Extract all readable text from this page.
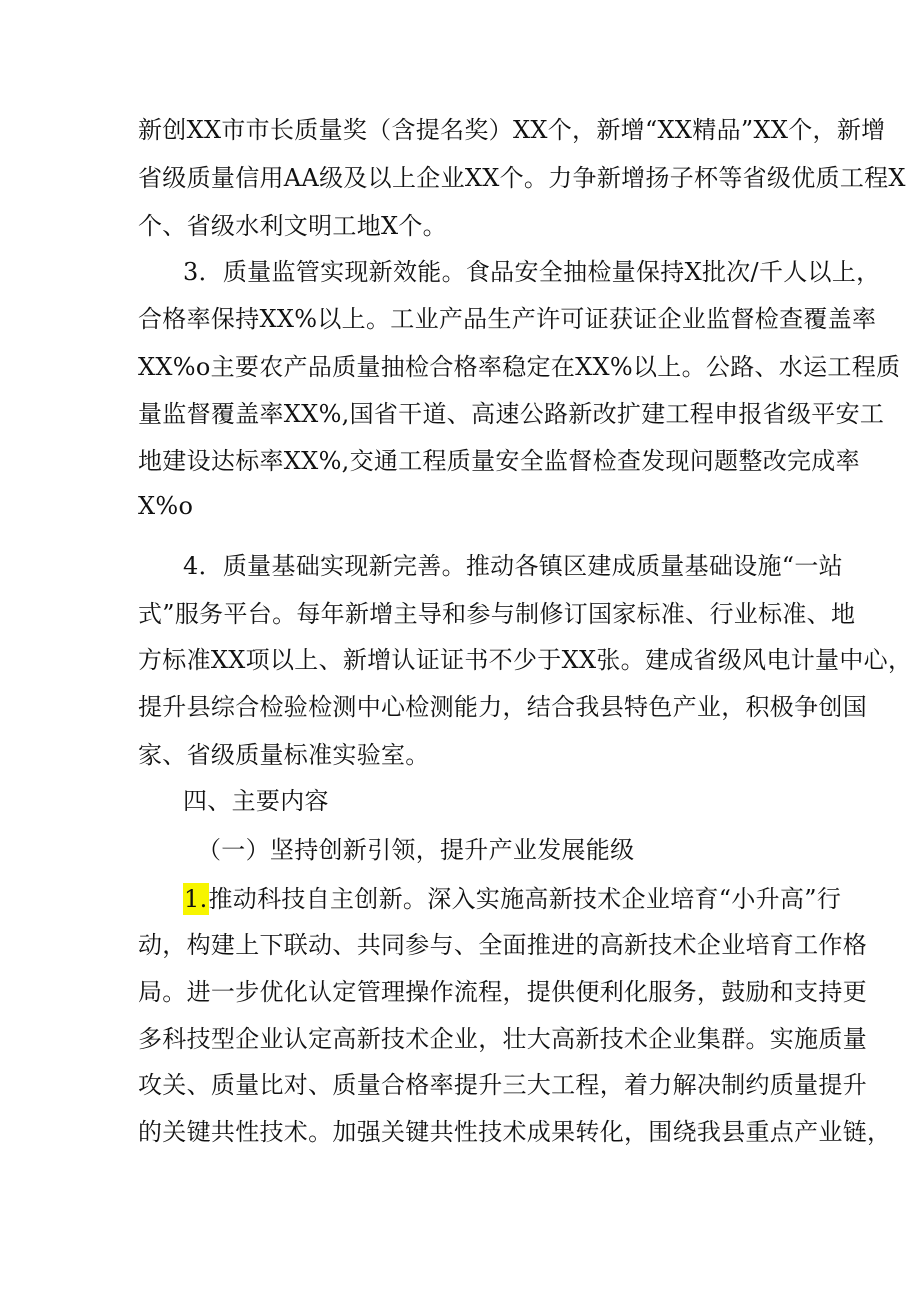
新创XX市市长质量奖（含提名奖）XX个，新增“XX精品”XX个，新增
省级质量信用AA级及以上企业XX个。力争新增扬子杯等省级优质工程X
个、省级水利文明工地X个。
3．质量监管实现新效能。食品安全抽检量保持X批次/千人以上，
合格率保持XX%以上。工业产品生产许可证获证企业监督检查覆盖率
XX%o主要农产品质量抽检合格率稳定在XX%以上。公路、水运工程质
量监督覆盖率XX%,国省干道、高速公路新改扩建工程申报省级平安工
地建设达标率XX%,交通工程质量安全监督检查发现问题整改完成率
X%o
4．质量基础实现新完善。推动各镇区建成质量基础设施“一站
式”服务平台。每年新增主导和参与制修订国家标准、行业标准、地
方标准XX项以上、新增认证证书不少于XX张。建成省级风电计量中心，
提升县综合检验检测中心检测能力，结合我县特色产业，积极争创国
家、省级质量标准实验室。
四、主要内容
（一）坚持创新引领，提升产业发展能级
1.推动科技自主创新。深入实施高新技术企业培育“小升高”行
动，构建上下联动、共同参与、全面推进的高新技术企业培育工作格
局。进一步优化认定管理操作流程，提供便利化服务，鼓励和支持更
多科技型企业认定高新技术企业，壮大高新技术企业集群。实施质量
攻关、质量比对、质量合格率提升三大工程，着力解决制约质量提升
的关键共性技术。加强关键共性技术成果转化，围绕我县重点产业链，
